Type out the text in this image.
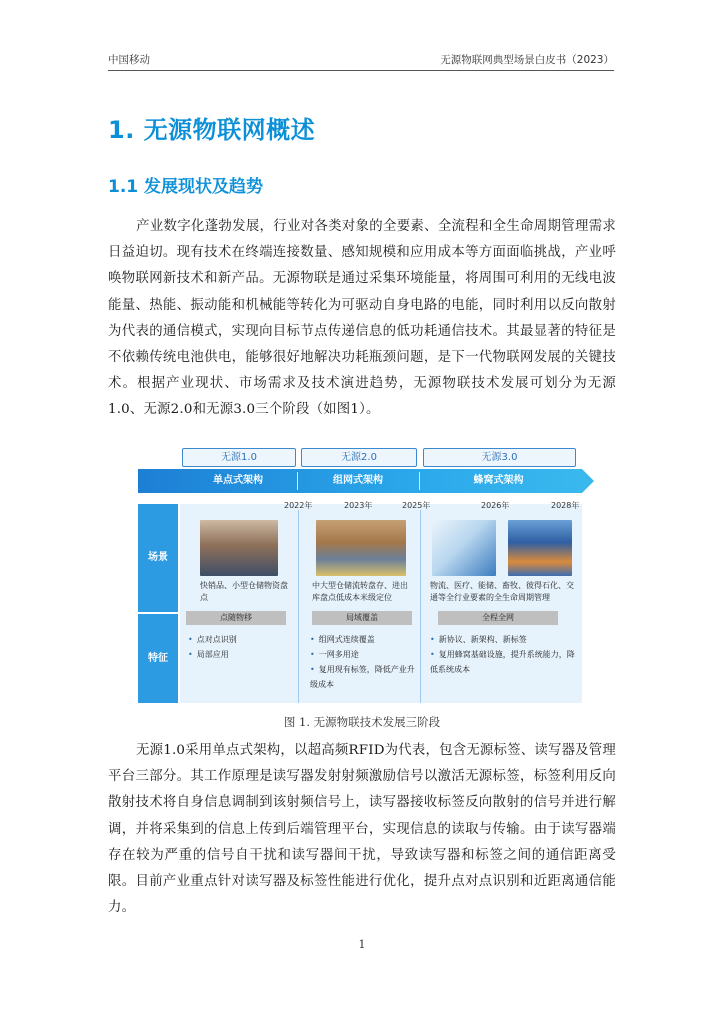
中国移动	无源物联网典型场景白皮书（2023）
1. 无源物联网概述
1.1 发展现状及趋势

产业数字化蓬勃发展，行业对各类对象的全要素、全流程和全生命周期管理需求日益迫切。现有技术在终端连接数量、感知规模和应用成本等方面面临挑战，产业呼唤物联网新技术和新产品。无源物联是通过采集环境能量，将周围可利用的无线电波能量、热能、振动能和机械能等转化为可驱动自身电路的电能，同时利用以反向散射为代表的通信模式，实现向目标节点传递信息的低功耗通信技术。其最显著的特征是不依赖传统电池供电，能够很好地解决功耗瓶颈问题，是下一代物联网发展的关键技术。根据产业现状、市场需求及技术演进趋势，无源物联技术发展可划分为无源1.0、无源2.0和无源3.0三个阶段（如图1）。

无源1.0	无源2.0	无源3.0
单点式架构	组网式架构	蜂窝式架构
场景
特征
2022年	2023年	2025年	2026年	2028年
快销品、小型仓储物资盘点
中大型仓储流转盘存、进出库盘点低成本米级定位
物流、医疗、能储、畜牧、彼得石化、交通等全行业要素的全生命周期管理
点随物移	局域覆盖	全程全网
• 点对点识别
• 局部应用
• 组网式连续覆盖
• 一网多用途
• 复用现有标签，降低产业升级成本
• 新协议、新架构、新标签
• 复用蜂窝基础设施，提升系统能力，降低系统成本
图 1. 无源物联技术发展三阶段

无源1.0采用单点式架构，以超高频RFID为代表，包含无源标签、读写器及管理平台三部分。其工作原理是读写器发射射频激励信号以激活无源标签，标签利用反向散射技术将自身信息调制到该射频信号上，读写器接收标签反向散射的信号并进行解调，并将采集到的信息上传到后端管理平台，实现信息的读取与传输。由于读写器端存在较为严重的信号自干扰和读写器间干扰，导致读写器和标签之间的通信距离受限。目前产业重点针对读写器及标签性能进行优化，提升点对点识别和近距离通信能力。

1
